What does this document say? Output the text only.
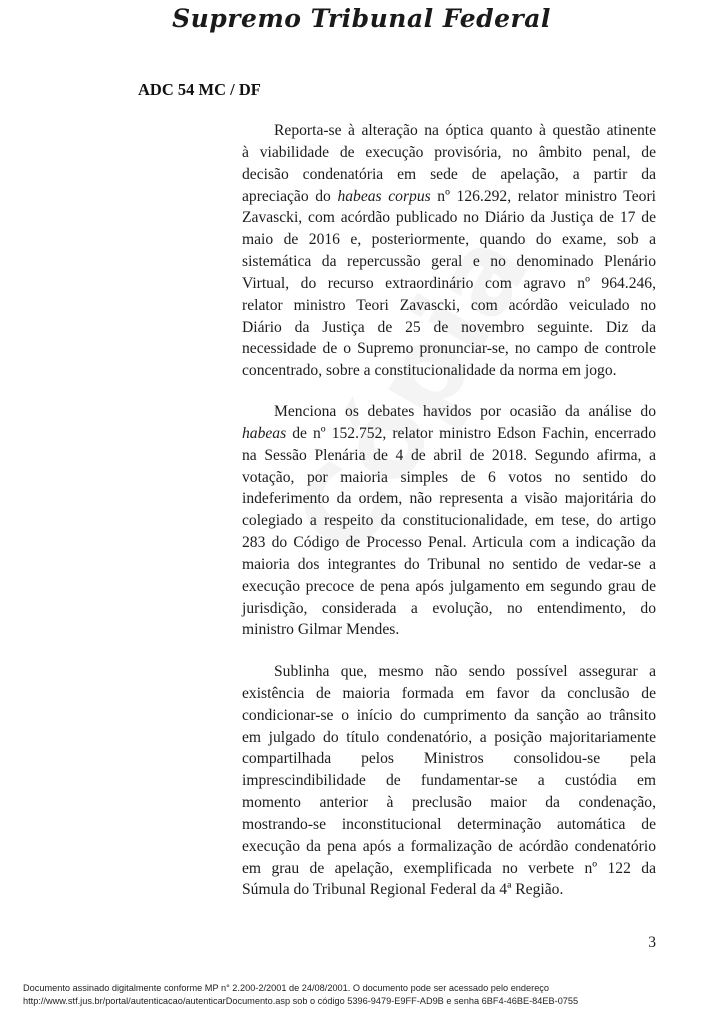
Supremo Tribunal Federal
ADC 54 MC / DF
Reporta-se à alteração na óptica quanto à questão atinente
à viabilidade de execução provisória, no âmbito penal, de
decisão condenatória em sede de apelação, a partir da
apreciação do habeas corpus nº 126.292, relator ministro Teori
Zavascki, com acórdão publicado no Diário da Justiça de 17 de
maio de 2016 e, posteriormente, quando do exame, sob a
sistemática da repercussão geral e no denominado Plenário
Virtual, do recurso extraordinário com agravo nº 964.246,
relator ministro Teori Zavascki, com acórdão veiculado no
Diário da Justiça de 25 de novembro seguinte. Diz da
necessidade de o Supremo pronunciar-se, no campo de controle
concentrado, sobre a constitucionalidade da norma em jogo.
Menciona os debates havidos por ocasião da análise do
habeas de nº 152.752, relator ministro Edson Fachin, encerrado
na Sessão Plenária de 4 de abril de 2018. Segundo afirma, a
votação, por maioria simples de 6 votos no sentido do
indeferimento da ordem, não representa a visão majoritária do
colegiado a respeito da constitucionalidade, em tese, do artigo
283 do Código de Processo Penal. Articula com a indicação da
maioria dos integrantes do Tribunal no sentido de vedar-se a
execução precoce de pena após julgamento em segundo grau de
jurisdição, considerada a evolução, no entendimento, do
ministro Gilmar Mendes.
Sublinha que, mesmo não sendo possível assegurar a
existência de maioria formada em favor da conclusão de
condicionar-se o início do cumprimento da sanção ao trânsito
em julgado do título condenatório, a posição majoritariamente
compartilhada pelos Ministros consolidou-se pela
imprescindibilidade de fundamentar-se a custódia em
momento anterior à preclusão maior da condenação,
mostrando-se inconstitucional determinação automática de
execução da pena após a formalização de acórdão condenatório
em grau de apelação, exemplificada no verbete nº 122 da
Súmula do Tribunal Regional Federal da 4ª Região.
3
Documento assinado digitalmente conforme MP n° 2.200-2/2001 de 24/08/2001. O documento pode ser acessado pelo endereço
http://www.stf.jus.br/portal/autenticacao/autenticarDocumento.asp sob o código 5396-9479-E9FF-AD9B e senha 6BF4-46BE-84EB-0755
